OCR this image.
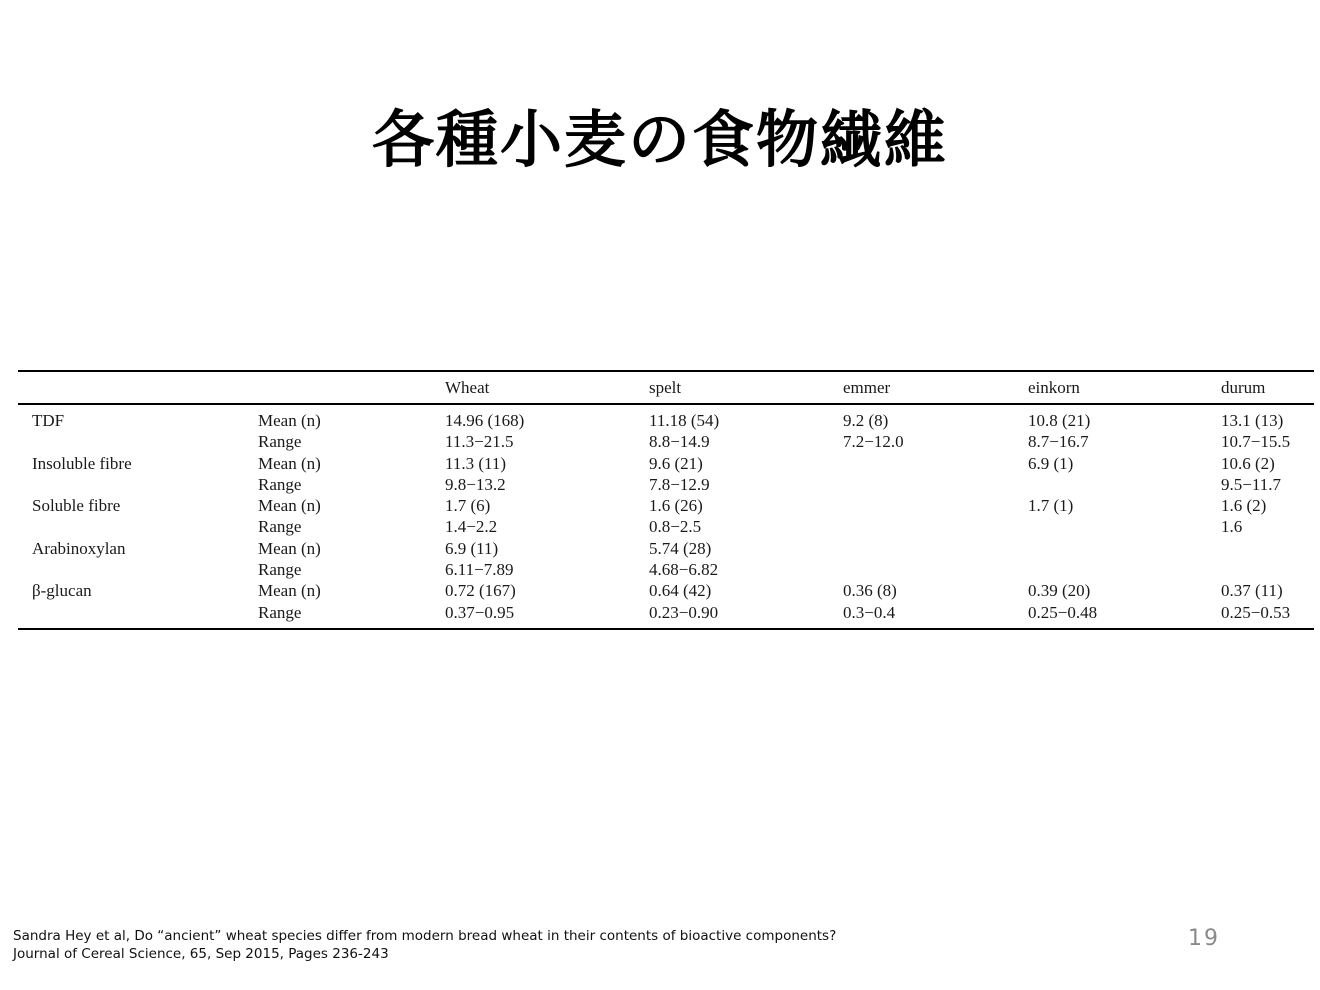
各種小麦の食物繊維
		Wheat	spelt	emmer	einkorn	durum
TDF	Mean (n)	14.96 (168)	11.18 (54)	9.2 (8)	10.8 (21)	13.1 (13)
	Range	11.3−21.5	8.8−14.9	7.2−12.0	8.7−16.7	10.7−15.5
Insoluble fibre	Mean (n)	11.3 (11)	9.6 (21)		6.9 (1)	10.6 (2)
	Range	9.8−13.2	7.8−12.9			9.5−11.7
Soluble fibre	Mean (n)	1.7 (6)	1.6 (26)		1.7 (1)	1.6 (2)
	Range	1.4−2.2	0.8−2.5			1.6
Arabinoxylan	Mean (n)	6.9 (11)	5.74 (28)			
	Range	6.11−7.89	4.68−6.82			
β-glucan	Mean (n)	0.72 (167)	0.64 (42)	0.36 (8)	0.39 (20)	0.37 (11)
	Range	0.37−0.95	0.23−0.90	0.3−0.4	0.25−0.48	0.25−0.53
Sandra Hey et al, Do “ancient” wheat species differ from modern bread wheat in their contents of bioactive components? Journal of Cereal Science, 65, Sep 2015, Pages 236-243
19
